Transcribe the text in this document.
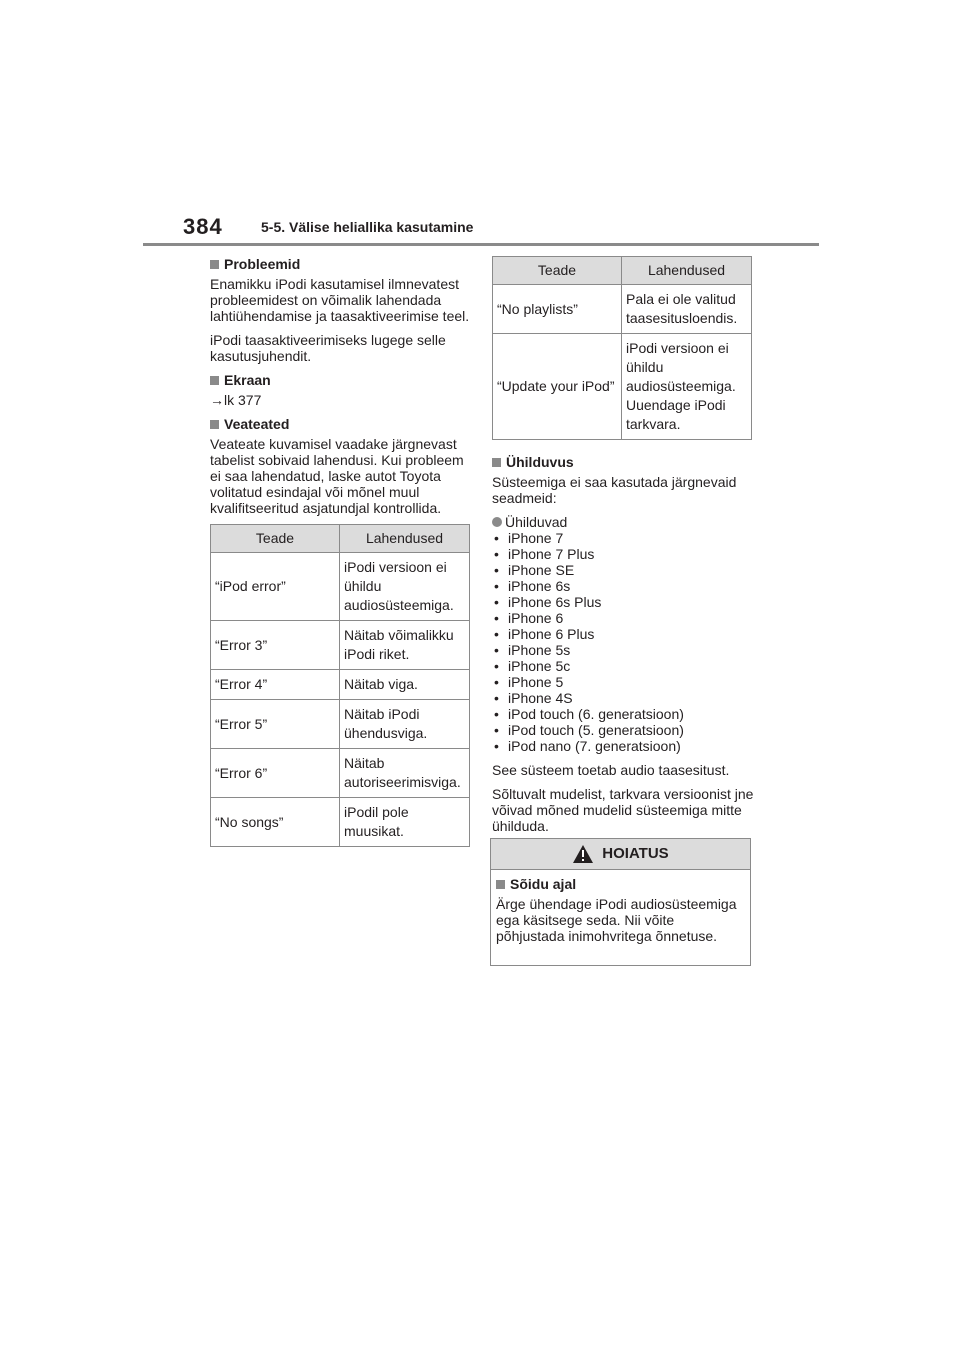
384	5-5. Välise heliallika kasutamine
Probleemid

Enamikku iPodi kasutamisel ilmnevatest probleemidest on võimalik lahendada lahtiühendamise ja taasaktiveerimise teel.

iPodi taasaktiveerimiseks lugege selle kasutusjuhendit.

Ekraan
→lk 377
Veateated

Veateate kuvamisel vaadake järgnevast tabelist sobivaid lahendusi. Kui probleem ei saa lahendatud, laske autot Toyota volitatud esindajal või mõnel muul kvalifitseeritud asjatundjal kontrollida.

Teade	Lahendused
“iPod error”	iPodi versioon ei ühildu audiosüsteemiga.
“Error 3”	Näitab võimalikku iPodi riket.
“Error 4”	Näitab viga.
“Error 5”	Näitab iPodi ühendusviga.
“Error 6”	Näitab autoriseerimisviga.
“No songs”	iPodil pole muusikat.
Teade	Lahendused
“No playlists”	Pala ei ole valitud taasesitusloendis.
“Update your iPod”	iPodi versioon ei ühildu audiosüsteemiga. Uuendage iPodi tarkvara.
Ühilduvus

Süsteemiga ei saa kasutada järgnevaid seadmeid:

Ühilduvad
• iPhone 7
• iPhone 7 Plus
• iPhone SE
• iPhone 6s
• iPhone 6s Plus
• iPhone 6
• iPhone 6 Plus
• iPhone 5s
• iPhone 5c
• iPhone 5
• iPhone 4S
• iPod touch (6. generatsioon)
• iPod touch (5. generatsioon)
• iPod nano (7. generatsioon)

See süsteem toetab audio taasesitust.

Sõltuvalt mudelist, tarkvara versioonist jne võivad mõned mudelid süsteemiga mitte ühilduda.

HOIATUS
Sõidu ajal
Ärge ühendage iPodi audiosüsteemiga ega käsitsege seda. Nii võite põhjustada inimohvritega õnnetuse.
